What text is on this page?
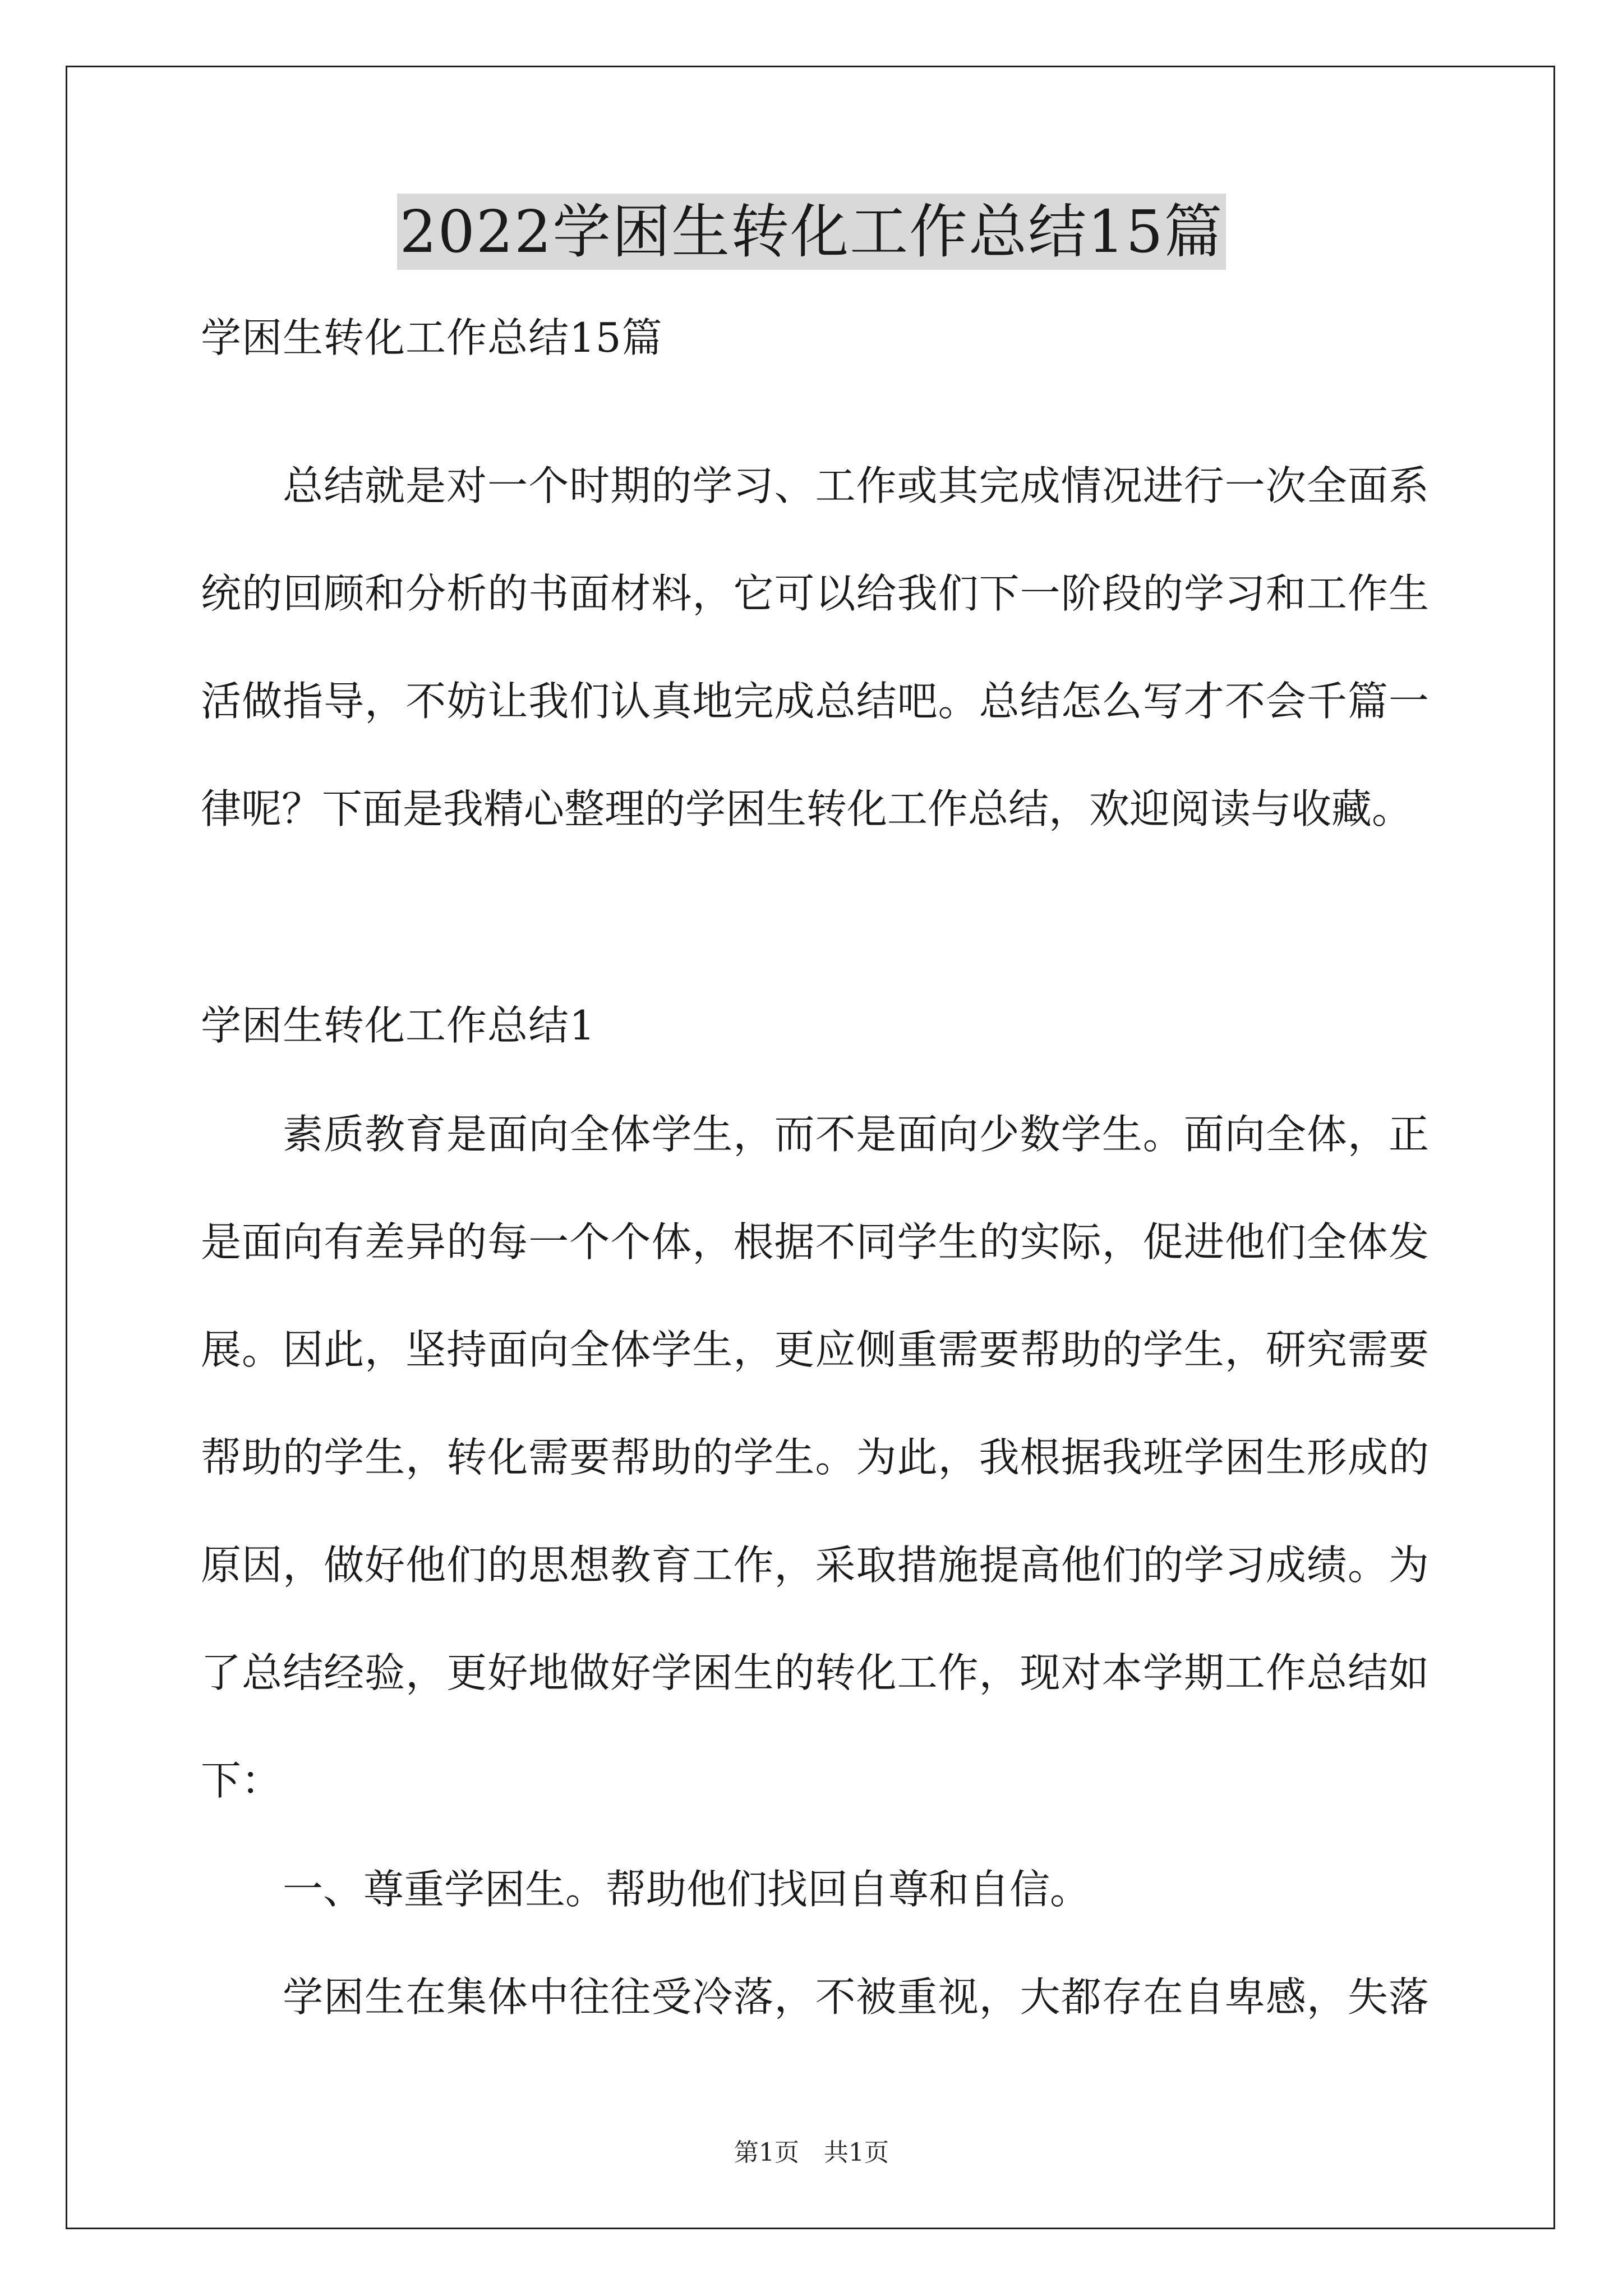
2022学困生转化工作总结15篇

学困生转化工作总结15篇

总结就是对一个时期的学习、工作或其完成情况进行一次全面系
统的回顾和分析的书面材料，它可以给我们下一阶段的学习和工作生
活做指导，不妨让我们认真地完成总结吧。总结怎么写才不会千篇一
律呢？下面是我精心整理的学困生转化工作总结，欢迎阅读与收藏。

学困生转化工作总结1

素质教育是面向全体学生，而不是面向少数学生。面向全体，正
是面向有差异的每一个个体，根据不同学生的实际，促进他们全体发
展。因此，坚持面向全体学生，更应侧重需要帮助的学生，研究需要
帮助的学生，转化需要帮助的学生。为此，我根据我班学困生形成的
原因，做好他们的思想教育工作，采取措施提高他们的学习成绩。为
了总结经验，更好地做好学困生的转化工作，现对本学期工作总结如
下：
一、尊重学困生。帮助他们找回自尊和自信。
学困生在集体中往往受冷落，不被重视，大都存在自卑感，失落
第1页　共1页
